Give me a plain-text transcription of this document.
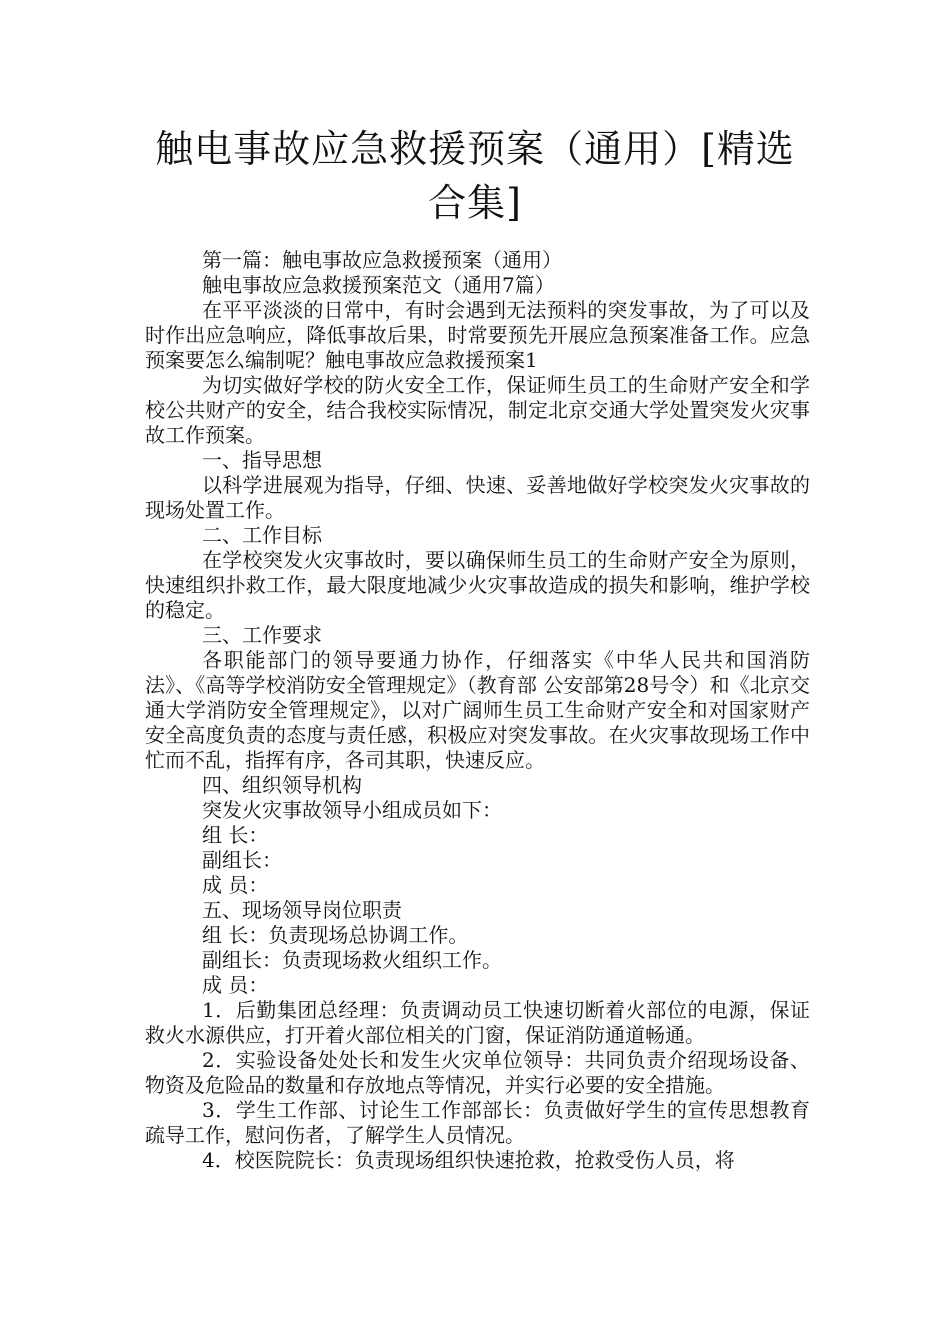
触电事故应急救援预案（通用）[精选合集]

第一篇：触电事故应急救援预案（通用）

触电事故应急救援预案范文（通用7篇）

在平平淡淡的日常中，有时会遇到无法预料的突发事故，为了可以及时作出应急响应，降低事故后果，时常要预先开展应急预案准备工作。应急预案要怎么编制呢？触电事故应急救援预案1

为切实做好学校的防火安全工作，保证师生员工的生命财产安全和学校公共财产的安全，结合我校实际情况，制定北京交通大学处置突发火灾事故工作预案。

一、指导思想

以科学进展观为指导，仔细、快速、妥善地做好学校突发火灾事故的现场处置工作。

二、工作目标

在学校突发火灾事故时，要以确保师生员工的生命财产安全为原则，快速组织扑救工作，最大限度地减少火灾事故造成的损失和影响，维护学校的稳定。

三、工作要求

各职能部门的领导要通力协作，仔细落实《中华人民共和国消防法》、《高等学校消防安全管理规定》（教育部 公安部第28号令）和《北京交通大学消防安全管理规定》，以对广阔师生员工生命财产安全和对国家财产安全高度负责的态度与责任感，积极应对突发事故。在火灾事故现场工作中忙而不乱，指挥有序，各司其职，快速反应。

四、组织领导机构

突发火灾事故领导小组成员如下：

组 长：

副组长：

成 员：

五、现场领导岗位职责

组 长：负责现场总协调工作。

副组长：负责现场救火组织工作。

成 员：

1．后勤集团总经理：负责调动员工快速切断着火部位的电源，保证救火水源供应，打开着火部位相关的门窗，保证消防通道畅通。

2．实验设备处处长和发生火灾单位领导：共同负责介绍现场设备、物资及危险品的数量和存放地点等情况，并实行必要的安全措施。

3．学生工作部、讨论生工作部部长：负责做好学生的宣传思想教育疏导工作，慰问伤者，了解学生人员情况。

4．校医院院长：负责现场组织快速抢救，抢救受伤人员，将
